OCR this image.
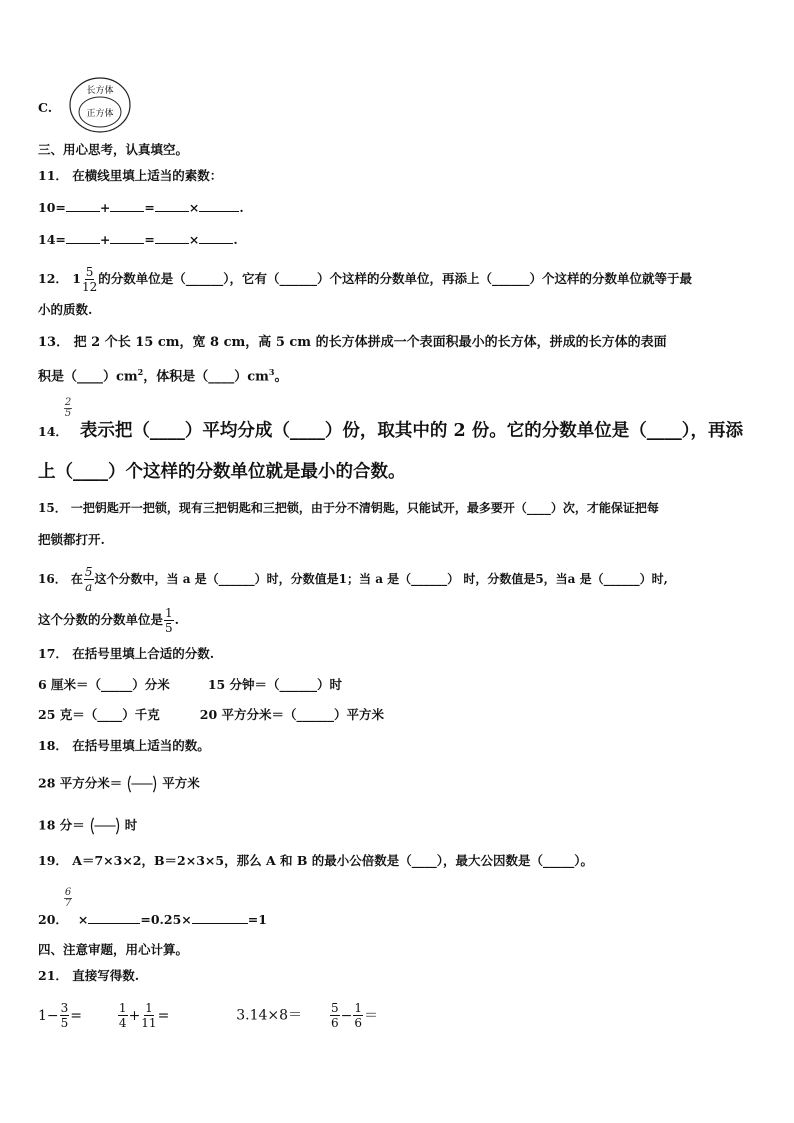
C.
长方体
正方体
三、用心思考，认真填空。
11． 在横线里填上适当的素数：
10=	+	=	×	.
14=	+	=	×	.
12． $1 \frac{5}{12}$ 的分数单位是（______），它有（______）个这样的分数单位，再添上（______）个这样的分数单位就等于最
小的质数.
13． 把 2 个长 15 cm，宽 8 cm，高 5 cm 的长方体拼成一个表面积最小的长方体，拼成的长方体的表面
积是$(\_\_\_\_)cm^2$，体积是$(\_\_\_\_)cm^3$。
$\frac{2}{5}$
14． 表示把（____）平均分成（____）份，取其中的 2 份。它的分数单位是（____），再添
上（____）个这样的分数单位就是最小的合数。
15． 一把钥匙开一把锁，现有三把钥匙和三把锁，由于分不清钥匙，只能试开，最多要开（____）次，才能保证把每
把锁都打开.
16． 在 $\frac{5}{a}$ 这个分数中，当 a 是（______）时，分数值是1；当 a 是（______） 时，分数值是5，当a 是（______）时,
这个分数的分数单位是 $\frac{1}{5}$ .
17． 在括号里填上合适的分数.
6 厘米＝（_____）分米	15 分钟＝（______）时
25 克＝（____）千克	20 平方分米＝（______）平方米
18． 在括号里填上适当的数。
28 平方分米＝	平方米
18 分＝	时
19． A＝7×3×2，B＝2×3×5，那么 A 和 B 的最小公倍数是（____），最大公因数是（_____）。
$\frac{6}{7}$
20． ×	=0.25×	=1
四、注意审题，用心计算。
21． 直接写得数.
$1- \frac{3}{5}$ =	$\frac{1}{4} + \frac{1}{11}$ =	$3.14\times 8= \frac{5}{6} - \frac{1}{6}$ ＝
